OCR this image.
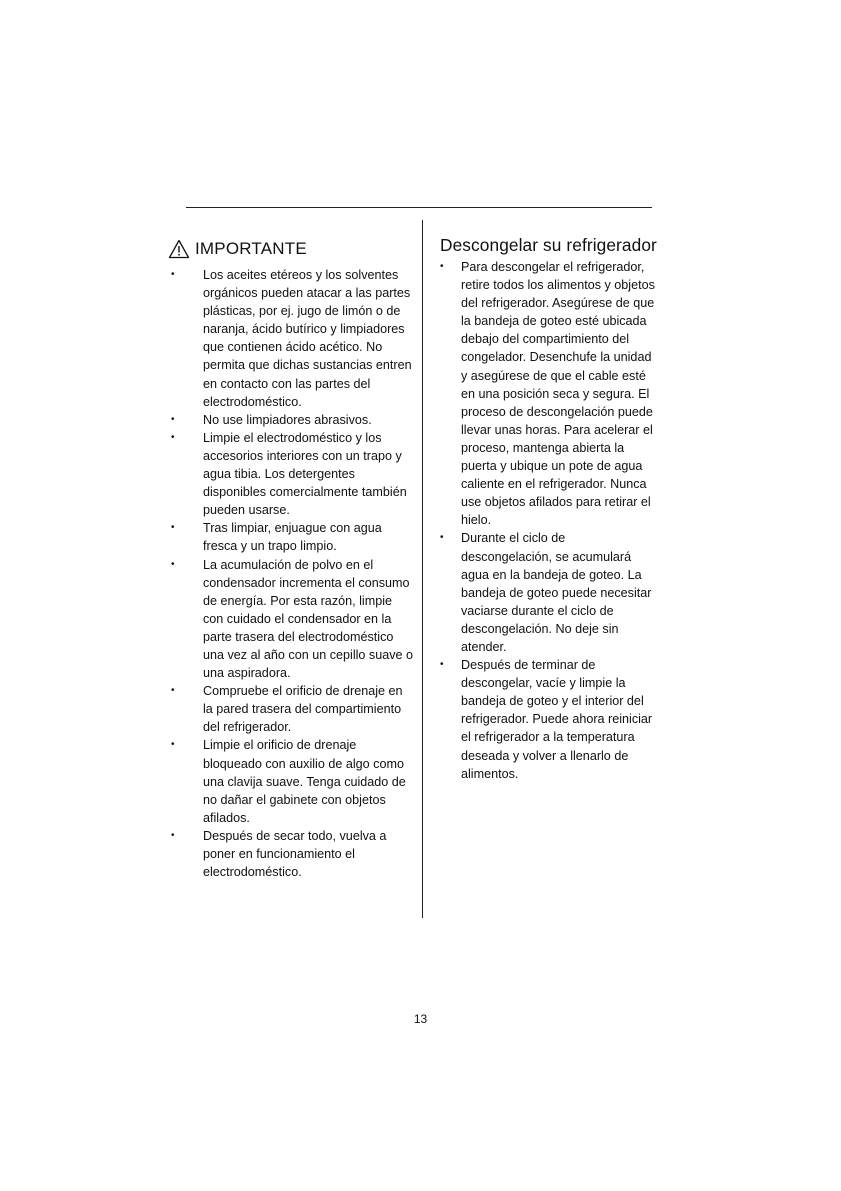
IMPORTANTE
• Los aceites etéreos y los solventes orgánicos pueden atacar a las partes plásticas, por ej. jugo de limón o de naranja, ácido butírico y limpiadores que contienen ácido acético. No permita que dichas sustancias entren en contacto con las partes del electrodoméstico.
• No use limpiadores abrasivos.
• Limpie el electrodoméstico y los accesorios interiores con un trapo y agua tibia. Los detergentes disponibles comercialmente también pueden usarse.
• Tras limpiar, enjuague con agua fresca y un trapo limpio.
• La acumulación de polvo en el condensador incrementa el consumo de energía. Por esta razón, limpie con cuidado el condensador en la parte trasera del electrodoméstico una vez al año con un cepillo suave o una aspiradora.
• Compruebe el orificio de drenaje en la pared trasera del compartimiento del refrigerador.
• Limpie el orificio de drenaje bloqueado con auxilio de algo como una clavija suave. Tenga cuidado de no dañar el gabinete con objetos afilados.
• Después de secar todo, vuelva a poner en funcionamiento el electrodoméstico.
Descongelar su refrigerador
• Para descongelar el refrigerador, retire todos los alimentos y objetos del refrigerador. Asegúrese de que la bandeja de goteo esté ubicada debajo del compartimiento del congelador. Desenchufe la unidad y asegúrese de que el cable esté en una posición seca y segura. El proceso de descongelación puede llevar unas horas. Para acelerar el proceso, mantenga abierta la puerta y ubique un pote de agua caliente en el refrigerador. Nunca use objetos afilados para retirar el hielo.
• Durante el ciclo de descongelación, se acumulará agua en la bandeja de goteo. La bandeja de goteo puede necesitar vaciarse durante el ciclo de descongelación. No deje sin atender.
• Después de terminar de descongelar, vacíe y limpie la bandeja de goteo y el interior del refrigerador. Puede ahora reiniciar el refrigerador a la temperatura deseada y volver a llenarlo de alimentos.
13
